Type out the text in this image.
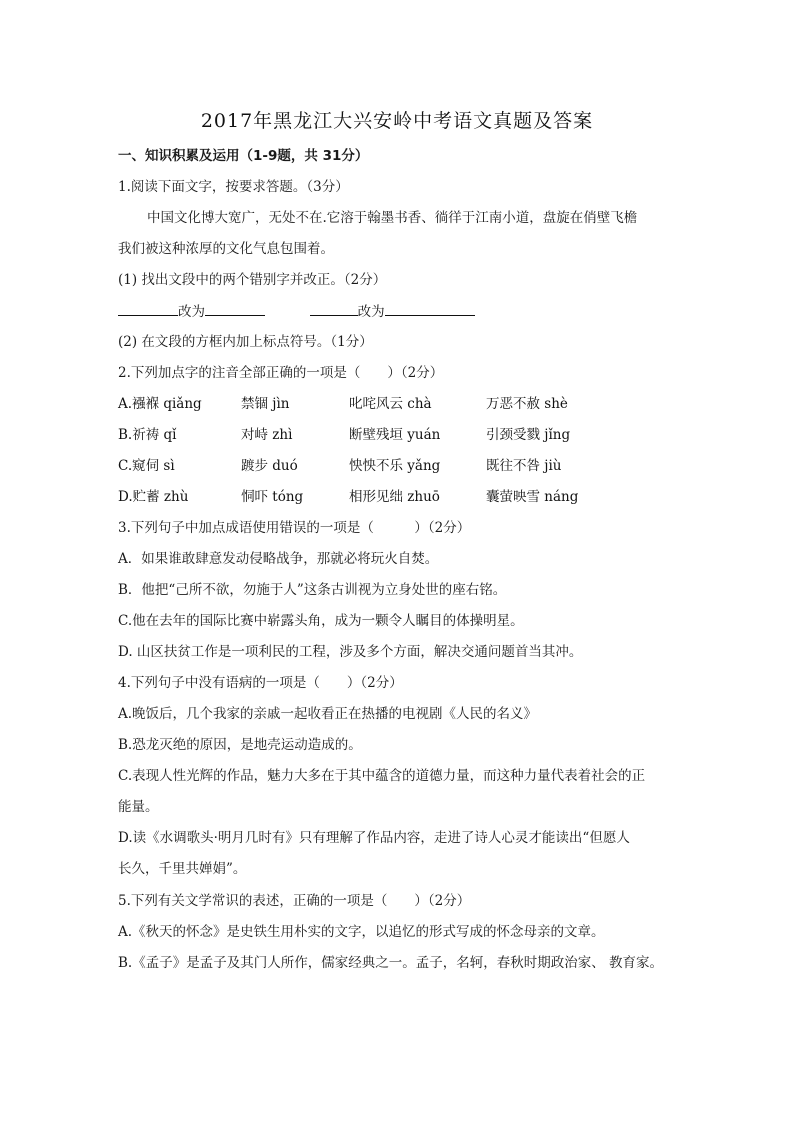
2017年黑龙江大兴安岭中考语文真题及答案
一、知识积累及运用（1-9题，共 31分）
1.阅读下面文字，按要求答题。（3分）
中国文化博大宽广，无处不在.它溶于翰墨书香、徜徉于江南小道，盘旋在俏壁飞檐
我们被这种浓厚的文化气息包围着。
(1) 找出文段中的两个错别字并改正。（2分）
改为	改为
(2) 在文段的方框内加上标点符号。（1分）
2.下列加点字的注音全部正确的一项是（　　）（2分）
A.襁褓 qiǎng	禁锢 jìn	叱咤风云 chà	万恶不赦 shè
B.祈祷 qǐ	对峙 zhì	断壁残垣 yuán	引颈受戮 jǐng
C.窥伺 sì	踱步 duó	怏怏不乐 yǎng	既往不咎 jiù
D.贮蓄 zhù	恫吓 tóng	相形见绌 zhuō	囊萤映雪 náng
3.下列句子中加点成语使用错误的一项是（　　　）（2分）
A．如果谁敢肆意发动侵略战争，那就必将玩火自焚。
B．他把“己所不欲，勿施于人”这条古训视为立身处世的座右铭。
C.他在去年的国际比赛中崭露头角，成为一颗令人瞩目的体操明星。
D. 山区扶贫工作是一项利民的工程，涉及多个方面，解决交通问题首当其冲。
4.下列句子中没有语病的一项是（　　）（2分）
A.晚饭后，几个我家的亲戚一起收看正在热播的电视剧《人民的名义》
B.恐龙灭绝的原因，是地壳运动造成的。
C.表现人性光辉的作品，魅力大多在于其中蕴含的道德力量，而这种力量代表着社会的正
能量。
D.读《水调歌头·明月几时有》只有理解了作品内容，走进了诗人心灵才能读出“但愿人
长久，千里共婵娟”。
5.下列有关文学常识的表述，正确的一项是（　　）（2分）
A.《秋天的怀念》是史铁生用朴实的文字，以追忆的形式写成的怀念母亲的文章。
B.《孟子》是孟子及其门人所作，儒家经典之一。孟子，名轲，春秋时期政治家、 教育家。
